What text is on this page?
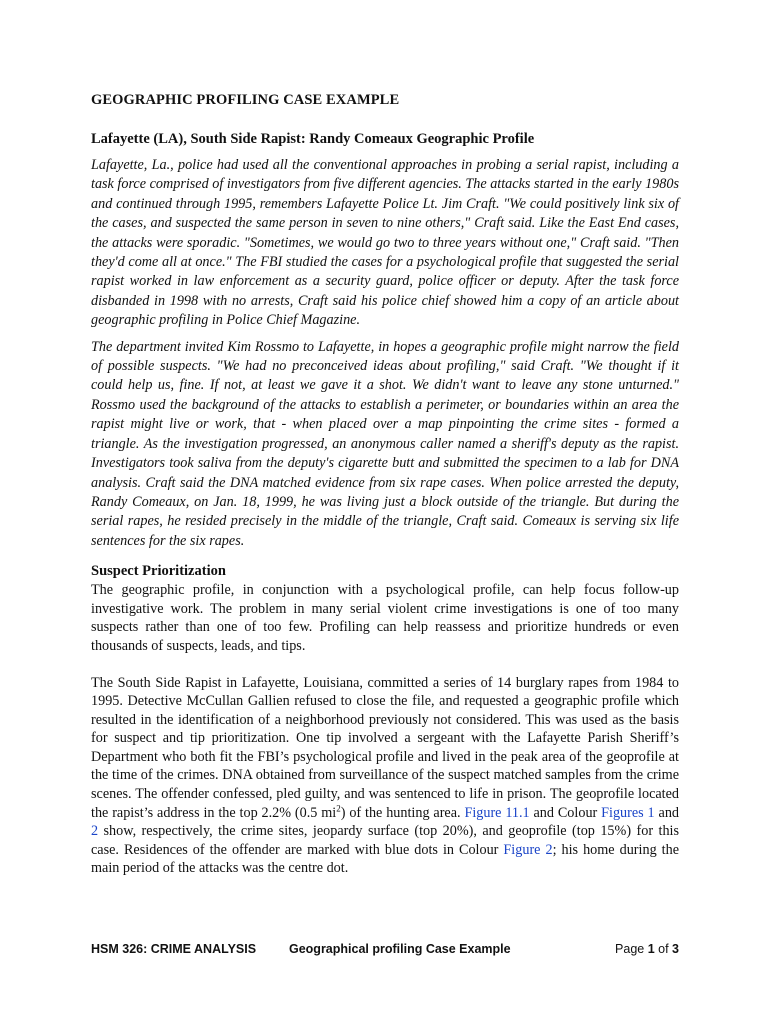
GEOGRAPHIC PROFILING CASE EXAMPLE
Lafayette (LA), South Side Rapist: Randy Comeaux Geographic Profile

Lafayette, La., police had used all the conventional approaches in probing a serial rapist, including a task force comprised of investigators from five different agencies. The attacks started in the early 1980s and continued through 1995, remembers Lafayette Police Lt. Jim Craft. "We could positively link six of the cases, and suspected the same person in seven to nine others," Craft said. Like the East End cases, the attacks were sporadic. "Sometimes, we would go two to three years without one," Craft said. "Then they'd come all at once." The FBI studied the cases for a psychological profile that suggested the serial rapist worked in law enforcement as a security guard, police officer or deputy. After the task force disbanded in 1998 with no arrests, Craft said his police chief showed him a copy of an article about geographic profiling in Police Chief Magazine.

The department invited Kim Rossmo to Lafayette, in hopes a geographic profile might narrow the field of possible suspects. "We had no preconceived ideas about profiling," said Craft. "We thought if it could help us, fine. If not, at least we gave it a shot. We didn't want to leave any stone unturned." Rossmo used the background of the attacks to establish a perimeter, or boundaries within an area the rapist might live or work, that - when placed over a map pinpointing the crime sites - formed a triangle. As the investigation progressed, an anonymous caller named a sheriff's deputy as the rapist. Investigators took saliva from the deputy's cigarette butt and submitted the specimen to a lab for DNA analysis. Craft said the DNA matched evidence from six rape cases. When police arrested the deputy, Randy Comeaux, on Jan. 18, 1999, he was living just a block outside of the triangle. But during the serial rapes, he resided precisely in the middle of the triangle, Craft said. Comeaux is serving six life sentences for the six rapes.

Suspect Prioritization

The geographic profile, in conjunction with a psychological profile, can help focus follow-up investigative work. The problem in many serial violent crime investigations is one of too many suspects rather than one of too few. Profiling can help reassess and prioritize hundreds or even thousands of suspects, leads, and tips.

The South Side Rapist in Lafayette, Louisiana, committed a series of 14 burglary rapes from 1984 to 1995. Detective McCullan Gallien refused to close the file, and requested a geographic profile which resulted in the identification of a neighborhood previously not considered. This was used as the basis for suspect and tip prioritization. One tip involved a sergeant with the Lafayette Parish Sheriff’s Department who both fit the FBI’s psychological profile and lived in the peak area of the geoprofile at the time of the crimes. DNA obtained from surveillance of the suspect matched samples from the crime scenes. The offender confessed, pled guilty, and was sentenced to life in prison. The geoprofile located the rapist’s address in the top 2.2% (0.5 $mi^2$) of the hunting area. Figure 11.1 and Colour Figures 1 and 2 show, respectively, the crime sites, jeopardy surface (top 20%), and geoprofile (top 15%) for this case. Residences of the offender are marked with blue dots in Colour Figure 2; his home during the main period of the attacks was the centre dot.

HSM 326: CRIME ANALYSIS	Geographical profiling Case Example	Page 1 of 3
